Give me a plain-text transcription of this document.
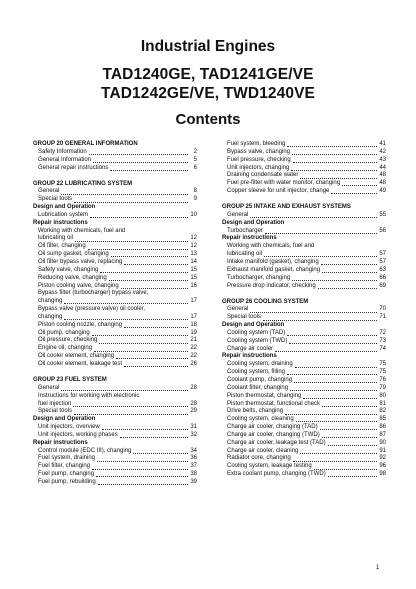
Industrial Engines
TAD1240GE, TAD1241GE/VE
TAD1242GE/VE, TWD1240VE
Contents
GROUP 20 GENERAL INFORMATION
Safety Information	2
General Information	5
General repair instructions	6
GROUP 22 LUBRICATING SYSTEM
General	8
Special tools	9
Design and Operation
Lubrication system	10
Repair instructions
Working with chemicals, fuel and
lubricating oil	12
Oil filter, changing	12
Oil sump gasket, changing	13
Oil filter bypass valve, replacing	14
Safety valve, changing	15
Reducing valve, changing	15
Piston cooling valve, changing	16
Bypass filter (turbocharger) bypass valve,
changing	17
Bypass valve (pressure valve) oil cooler,
changing	17
Piston cooling nozzle, changing	18
Oil pump, changing	19
Oil pressure, checking	21
Engine oil, changing	22
Oil cooler element, changing	22
Oil cooler element, leakage test	26
GROUP 23 FUEL SYSTEM
General	28
Instructions for working with electronic
fuel injection	28
Special tools	29
Design and Operation
Unit injectors, overview	31
Unit injectors, working phases	32
Repair instructions
Control module (EDC III), changing	34
Fuel system, draining	36
Fuel filter, changing	37
Fuel pump, changing	38
Fuel pump, rebuilding	39
Fuel system, bleeding	41
Bypass valve, changing	42
Fuel pressure, checking	43
Unit injectors, changing	44
Draining condensate water	48
Fuel pre-filter with water monitor, changing	48
Copper sleeve for unit injector, change	49
GROUP 25 INTAKE AND EXHAUST SYSTEMS
General	55
Design and Operation
Turbocharger	56
Repair instructions
Working with chemicals, fuel and
lubricating oil	57
Intake manifold (gasket), changing	57
Exhaust manifold gasket, changing	63
Turbocharger, changing	66
Pressure drop indicator, checking	69
GROUP 26 COOLING SYSTEM
General	70
Special tools	71
Design and Operation
Cooling system (TAD)	72
Cooling system (TWD)	73
Charge air cooler	74
Repair instructions
Cooling system, draining	75
Cooling system, filling	75
Coolant pump, changing	76
Coolant filter, changing	79
Piston thermostat, changing	80
Piston thermostat, functional check	81
Drive belts, changing	82
Cooling system, cleaning	85
Charge air cooler, changing (TAD)	86
Charge air cooler, changing (TWD)	87
Charge air cooler, leakage test (TAD)	90
Charge air cooler, cleaning	91
Radiator core, changing	92
Cooling system, leakage testing	96
Extra coolant pump, changing (TWD)	98
1
